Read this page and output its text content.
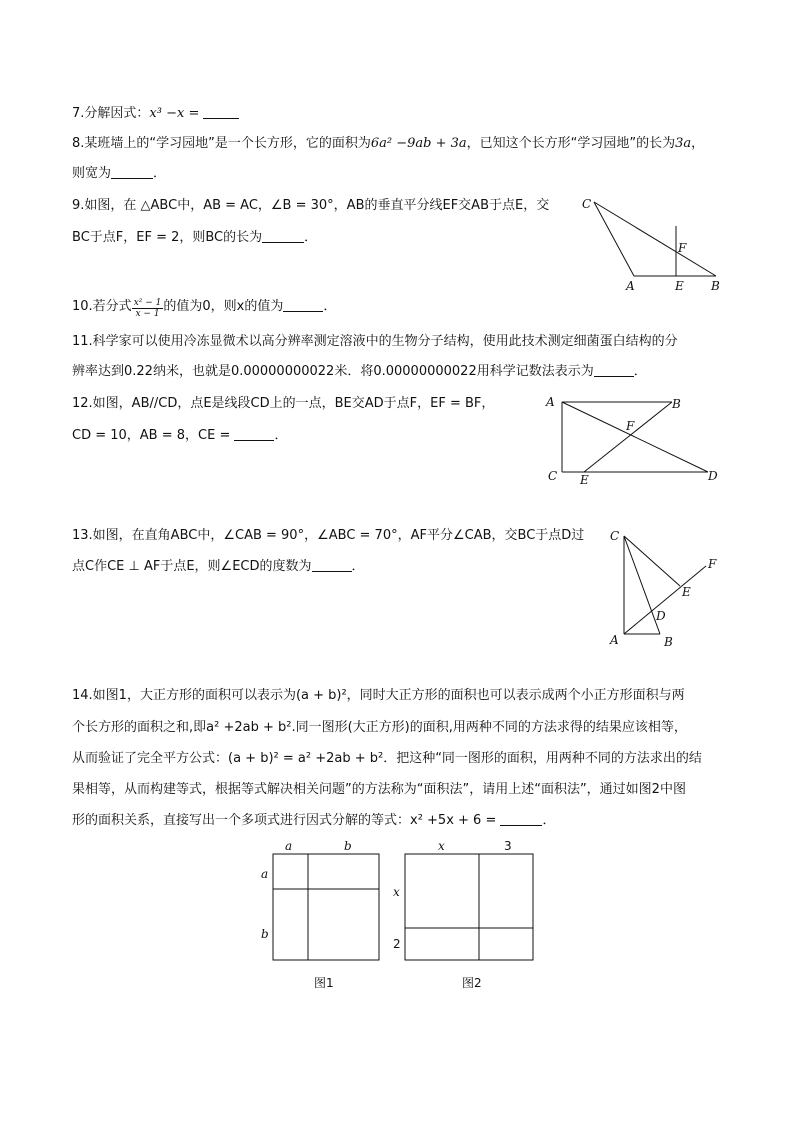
7.分解因式：x³ −x =
8.某班墙上的“学习园地”是一个长方形，它的面积为6a² −9ab + 3a，已知这个长方形“学习园地”的长为3a，
则宽为	．
9.如图，在 △ABC中，AB = AC，∠B = 30°，AB的垂直平分线EF交AB于点E，交
BC于点F，EF = 2，则BC的长为	．
C
A	E B
F
10.若分式 $\frac{\text{x² − 1}}{x - 1}$ 的值为0，则x的值为	．
11.科学家可以使用冷冻显微术以高分辨率测定溶液中的生物分子结构，使用此技术测定细菌蛋白结构的分
辨率达到0.22纳米，也就是0.00000000022米．将0.00000000022用科学记数法表示为	．
12.如图，AB//CD，点E是线段CD上的一点，BE交AD于点F，EF = BF，
CD = 10，AB = 8，CE =	．
A	B
F
C E	D
13.如图，在直角ABC中，∠CAB = 90°，∠ABC = 70°，AF平分∠CAB，交BC于点D过
点C作CE ⊥ AF于点E，则∠ECD的度数为	．
C
F
E
D
A	B
14.如图1，大正方形的面积可以表示为(a + b)²，同时大正方形的面积也可以表示成两个小正方形面积与两
个长方形的面积之和,即a² +2ab + b².同一图形(大正方形)的面积,用两种不同的方法求得的结果应该相等，
从而验证了完全平方公式：(a + b)² = a² +2ab + b²．把这种“同一图形的面积，用两种不同的方法求出的结
果相等，从而构建等式，根据等式解决相关问题”的方法称为“面积法”，请用上述“面积法”，通过如图2中图
形的面积关系，直接写出一个多项式进行因式分解的等式：x² +5x + 6 =	．
a	b
a
b
图1
x	3
x
2
图2
